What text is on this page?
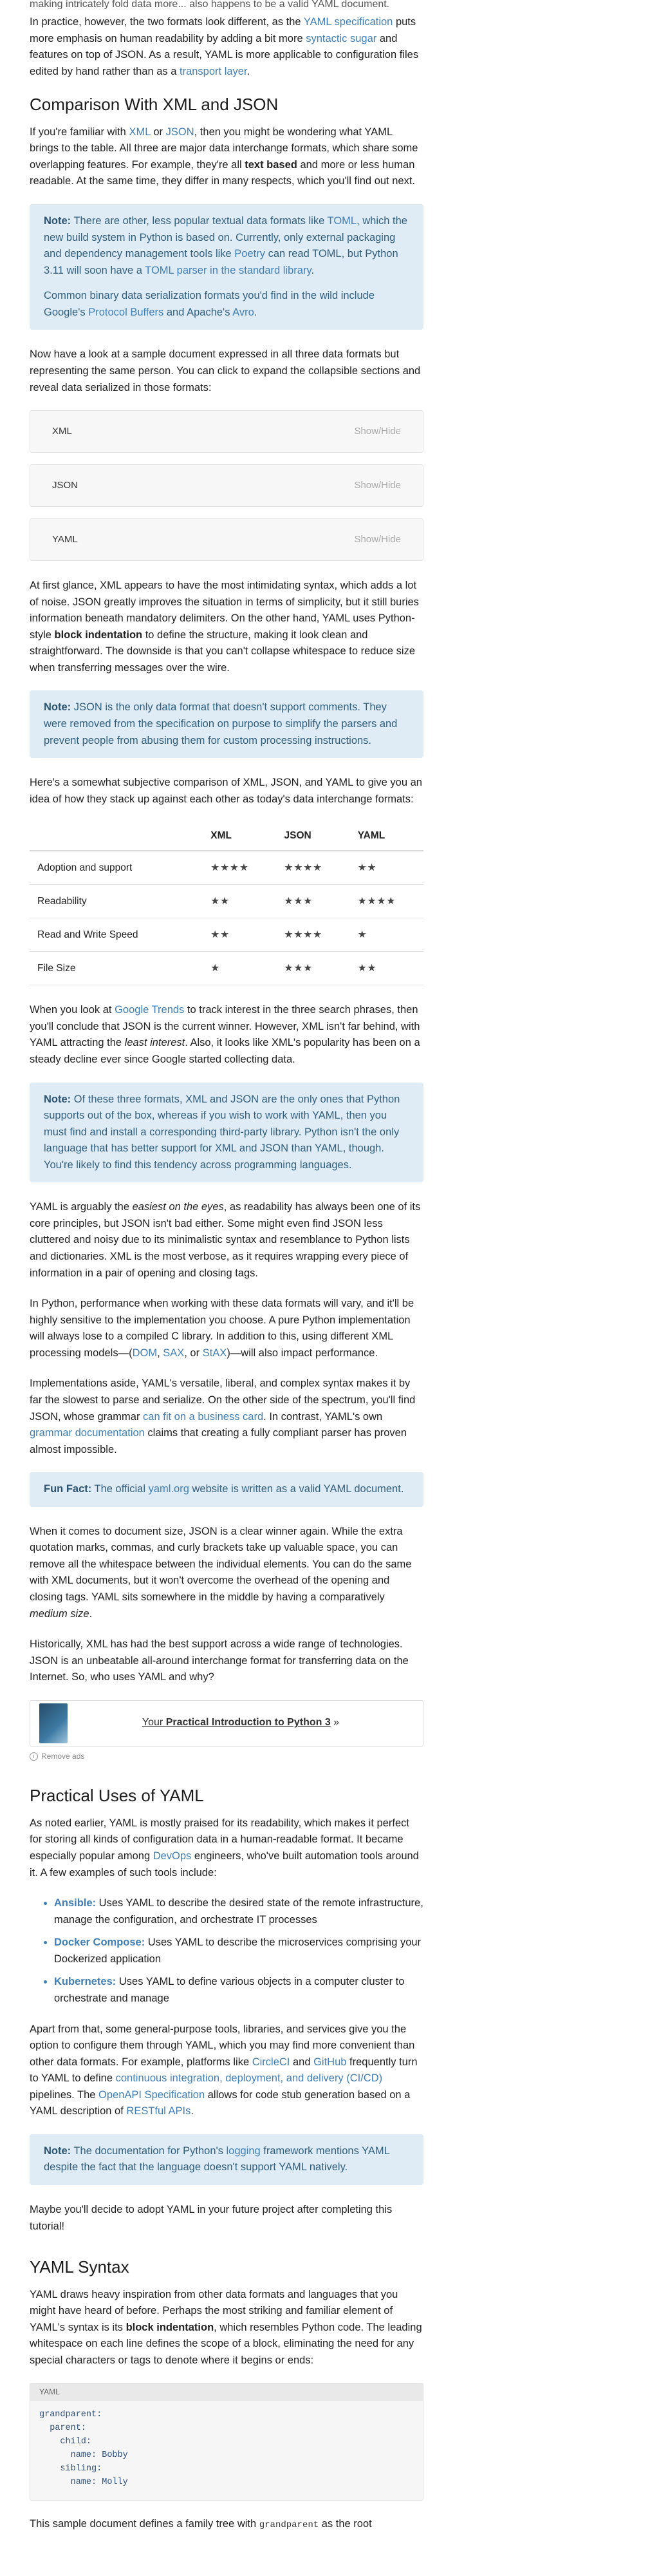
making intricately fold data more... also happens to be a valid YAML document.

In practice, however, the two formats look different, as the YAML specification puts more emphasis on human readability by adding a bit more syntactic sugar and features on top of JSON. As a result, YAML is more applicable to configuration files edited by hand rather than as a transport layer.

Comparison With XML and JSON

If you're familiar with XML or JSON, then you might be wondering what YAML brings to the table. All three are major data interchange formats, which share some overlapping features. For example, they're all text based and more or less human readable. At the same time, they differ in many respects, which you'll find out next.

Note: There are other, less popular textual data formats like TOML, which the new build system in Python is based on. Currently, only external packaging and dependency management tools like Poetry can read TOML, but Python 3.11 will soon have a TOML parser in the standard library.

Common binary data serialization formats you'd find in the wild include Google's Protocol Buffers and Apache's Avro.

Now have a look at a sample document expressed in all three data formats but representing the same person. You can click to expand the collapsible sections and reveal data serialized in those formats:

XML	Show/Hide
JSON	Show/Hide
YAML	Show/Hide

At first glance, XML appears to have the most intimidating syntax, which adds a lot of noise. JSON greatly improves the situation in terms of simplicity, but it still buries information beneath mandatory delimiters. On the other hand, YAML uses Python-style block indentation to define the structure, making it look clean and straightforward. The downside is that you can't collapse whitespace to reduce size when transferring messages over the wire.

Note: JSON is the only data format that doesn't support comments. They were removed from the specification on purpose to simplify the parsers and prevent people from abusing them for custom processing instructions.

Here's a somewhat subjective comparison of XML, JSON, and YAML to give you an idea of how they stack up against each other as today's data interchange formats:

	XML	JSON	YAML
Adoption and support	★★★★	★★★★	★★
Readability	★★	★★★	★★★★
Read and Write Speed	★★	★★★★	★
File Size	★	★★★	★★

When you look at Google Trends to track interest in the three search phrases, then you'll conclude that JSON is the current winner. However, XML isn't far behind, with YAML attracting the least interest. Also, it looks like XML's popularity has been on a steady decline ever since Google started collecting data.

Note: Of these three formats, XML and JSON are the only ones that Python supports out of the box, whereas if you wish to work with YAML, then you must find and install a corresponding third-party library. Python isn't the only language that has better support for XML and JSON than YAML, though. You're likely to find this tendency across programming languages.

YAML is arguably the easiest on the eyes, as readability has always been one of its core principles, but JSON isn't bad either. Some might even find JSON less cluttered and noisy due to its minimalistic syntax and resemblance to Python lists and dictionaries. XML is the most verbose, as it requires wrapping every piece of information in a pair of opening and closing tags.

In Python, performance when working with these data formats will vary, and it'll be highly sensitive to the implementation you choose. A pure Python implementation will always lose to a compiled C library. In addition to this, using different XML processing models—(DOM, SAX, or StAX)—will also impact performance.

Implementations aside, YAML's versatile, liberal, and complex syntax makes it by far the slowest to parse and serialize. On the other side of the spectrum, you'll find JSON, whose grammar can fit on a business card. In contrast, YAML's own grammar documentation claims that creating a fully compliant parser has proven almost impossible.

Fun Fact: The official yaml.org website is written as a valid YAML document.

When it comes to document size, JSON is a clear winner again. While the extra quotation marks, commas, and curly brackets take up valuable space, you can remove all the whitespace between the individual elements. You can do the same with XML documents, but it won't overcome the overhead of the opening and closing tags. YAML sits somewhere in the middle by having a comparatively medium size.

Historically, XML has had the best support across a wide range of technologies. JSON is an unbeatable all-around interchange format for transferring data on the Internet. So, who uses YAML and why?

Your Practical Introduction to Python 3 »
i Remove ads
Practical Uses of YAML

As noted earlier, YAML is mostly praised for its readability, which makes it perfect for storing all kinds of configuration data in a human-readable format. It became especially popular among DevOps engineers, who've built automation tools around it. A few examples of such tools include:

• Ansible: Uses YAML to describe the desired state of the remote infrastructure, manage the configuration, and orchestrate IT processes
• Docker Compose: Uses YAML to describe the microservices comprising your Dockerized application
• Kubernetes: Uses YAML to define various objects in a computer cluster to orchestrate and manage

Apart from that, some general-purpose tools, libraries, and services give you the option to configure them through YAML, which you may find more convenient than other data formats. For example, platforms like CircleCI and GitHub frequently turn to YAML to define continuous integration, deployment, and delivery (CI/CD) pipelines. The OpenAPI Specification allows for code stub generation based on a YAML description of RESTful APIs.

Note: The documentation for Python's logging framework mentions YAML despite the fact that the language doesn't support YAML natively.

Maybe you'll decide to adopt YAML in your future project after completing this tutorial!

YAML Syntax

YAML draws heavy inspiration from other data formats and languages that you might have heard of before. Perhaps the most striking and familiar element of YAML's syntax is its block indentation, which resembles Python code. The leading whitespace on each line defines the scope of a block, eliminating the need for any special characters or tags to denote where it begins or ends:

YAML
grandparent:
parent:
child:
name: Bobby
sibling:
name: Molly

This sample document defines a family tree with grandparent as the root
